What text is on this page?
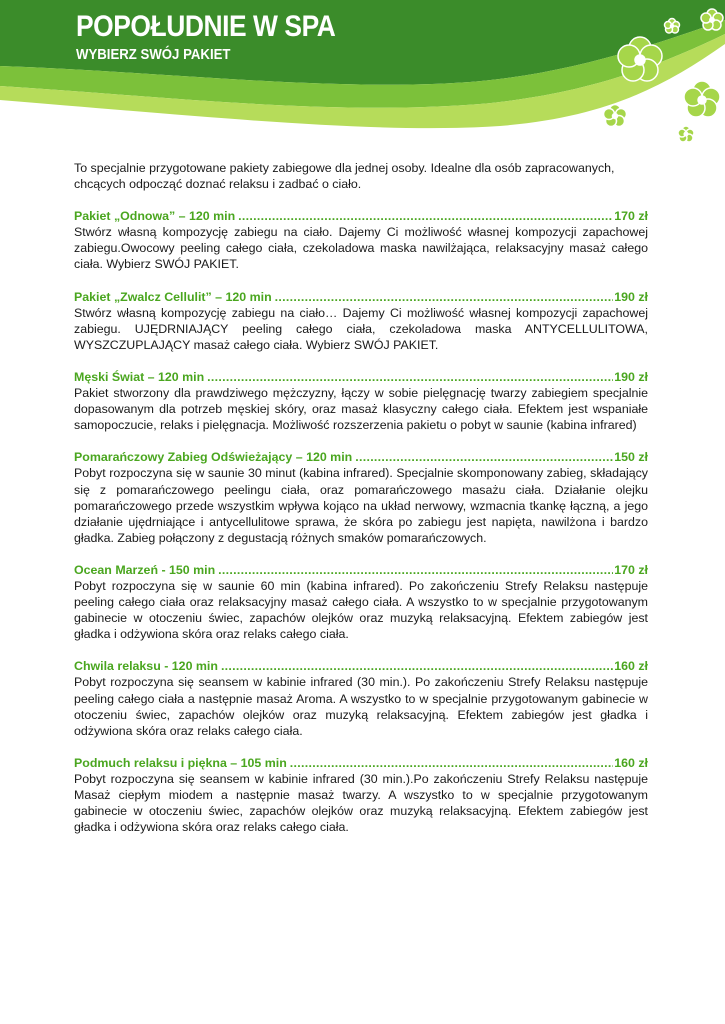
POPOŁUDNIE W SPA
WYBIERZ SWÓJ PAKIET

To specjalnie przygotowane pakiety zabiegowe dla jednej osoby. Idealne dla osób zapracowanych, chcących odpocząć doznać relaksu i zadbać o ciało.

Pakiet „Odnowa” – 120 min .....	170 zł

Stwórz własną kompozycję zabiegu na ciało. Dajemy Ci możliwość własnej kompozycji zapachowej zabiegu.Owocowy peeling całego ciała, czekoladowa maska nawilżająca, relaksacyjny masaż całego ciała. Wybierz SWÓJ PAKIET.

Pakiet „Zwalcz Cellulit” – 120 min .....	190 zł

Stwórz własną kompozycję zabiegu na ciało… Dajemy Ci możliwość własnej kompozycji zapachowej zabiegu. UJĘDRNIAJĄCY peeling całego ciała, czekoladowa maska ANTYCELLULITOWA, WYSZCZUPLAJĄCY masaż całego ciała. Wybierz SWÓJ PAKIET.

Męski Świat – 120 min .....	190 zł

Pakiet stworzony dla prawdziwego mężczyzny, łączy w sobie pielęgnację twarzy zabiegiem specjalnie dopasowanym dla potrzeb męskiej skóry, oraz masaż klasyczny całego ciała. Efektem jest wspaniałe samopoczucie, relaks i pielęgnacja. Możliwość rozszerzenia pakietu o pobyt w saunie (kabina infrared)

Pomarańczowy Zabieg Odświeżający – 120 min .....	150 zł

Pobyt rozpoczyna się w saunie 30 minut (kabina infrared). Specjalnie skomponowany zabieg, składający się z pomarańczowego peelingu ciała, oraz pomarańczowego masażu ciała. Działanie olejku pomarańczowego przede wszystkim wpływa kojąco na układ nerwowy, wzmacnia tkankę łączną, a jego działanie ujędrniające i antycellulitowe sprawa, że skóra po zabiegu jest napięta, nawilżona i bardzo gładka. Zabieg połączony z degustacją różnych smaków pomarańczowych.

Ocean Marzeń - 150 min .....	170 zł

Pobyt rozpoczyna się w saunie 60 min (kabina infrared). Po zakończeniu Strefy Relaksu następuje peeling całego ciała oraz relaksacyjny masaż całego ciała. A wszystko to w specjalnie przygotowanym gabinecie w otoczeniu świec, zapachów olejków oraz muzyką relaksacyjną. Efektem zabiegów jest gładka i odżywiona skóra oraz relaks całego ciała.

Chwila relaksu - 120 min .....	160 zł

Pobyt rozpoczyna się seansem w kabinie infrared (30 min.). Po zakończeniu Strefy Relaksu następuje peeling całego ciała a następnie masaż Aroma. A wszystko to w specjalnie przygotowanym gabinecie w otoczeniu świec, zapachów olejków oraz muzyką relaksacyjną. Efektem zabiegów jest gładka i odżywiona skóra oraz relaks całego ciała.

Podmuch relaksu i piękna – 105 min .....	160 zł

Pobyt rozpoczyna się seansem w kabinie infrared (30 min.).Po zakończeniu Strefy Relaksu następuje Masaż ciepłym miodem a następnie masaż twarzy. A wszystko to w specjalnie przygotowanym gabinecie w otoczeniu świec, zapachów olejków oraz muzyką relaksacyjną. Efektem zabiegów jest gładka i odżywiona skóra oraz relaks całego ciała.
